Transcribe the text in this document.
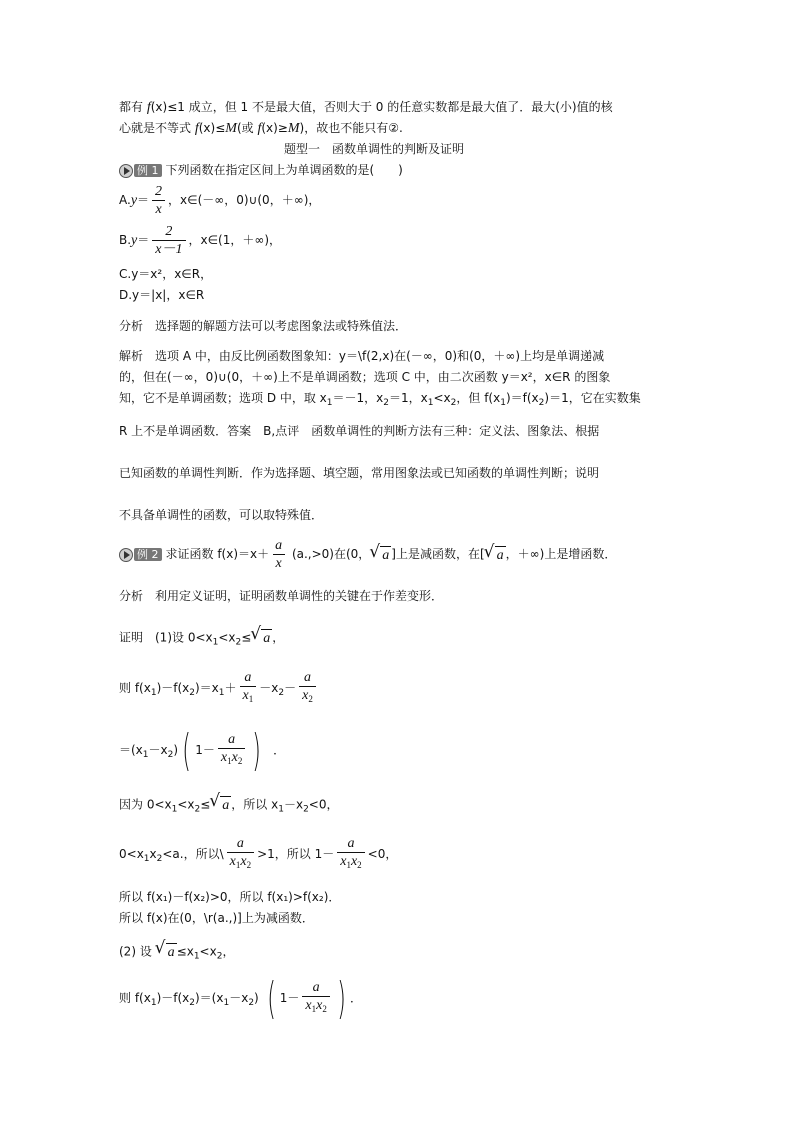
都有 f(x)≤1 成立，但 1 不是最大值，否则大于 0 的任意实数都是最大值了．最大(小)值的核
心就是不等式 f(x)≤M(或 f(x)≥M)，故也不能只有②.
题型一　函数单调性的判断及证明
例 1 下列函数在指定区间上为单调函数的是(　　)
$A.y= \frac{2}{x}$ ，x∈(－∞，0)∪(0，＋∞)，
$B.y= \frac{2}{x-1}$ ，x∈(1，＋∞)，
C.y＝x²，x∈R，
D.y＝|x|，x∈R
分析　选择题的解题方法可以考虑图象法或特殊值法．
解析　选项 A 中，由反比例函数图象知：y＝\f(2,x)在(－∞，0)和(0，＋∞)上均是单调递减
的，但在(－∞，0)∪(0，＋∞)上不是单调函数；选项 C 中，由二次函数 y＝x²，x∈R 的图象
知，它不是单调函数；选项 D 中，取 $x_1=-1$，$x_2=1$，$x_1<x_2$，但 $f(x_1)=f(x_2)=1$，它在实数集
R 上不是单调函数．答案　B,点评　函数单调性的判断方法有三种：定义法、图象法、根据
已知函数的单调性判断．作为选择题、填空题，常用图象法或已知函数的单调性判断；说明
不具备单调性的函数，可以取特殊值．
例 2 求证函数 $f(x)=x+ \frac{a}{x} (a.,>0)$在(0，√ a ]上是减函数，在[√ a ，＋∞)上是增函数．
分析　利用定义证明，证明函数单调性的关键在于作差变形．
证明　(1)设 $0<x_1<x_2\le√$ a ，
则 $f(x_1)-f(x_2)=x_1+ \frac{a}{x_1} -x_2- \frac{a}{x_2}$
$=(x_1-x_2)$( $1- \frac{a}{x_1x_2}$ ) ．
因为 $0<x_1<x_2\le√$ a ，所以 $x_1-x_2<0$，
$0<x_1x_2<a$.，所以\ $\frac{a}{x_1x_2} >1$，所以 $1- \frac{a}{x_1x_2} <0$，
所以 f(x₁)－f(x₂)>0，所以 f(x₁)>f(x₂)．
所以 f(x)在(0，\r(a.,)]上为减函数．
(2) 设 √ $a \le x_1<x_2$，
则 $f(x_1)-f(x_2)=(x_1-x_2)$ ( $1- \frac{a}{x_1x_2}$ ) ．
